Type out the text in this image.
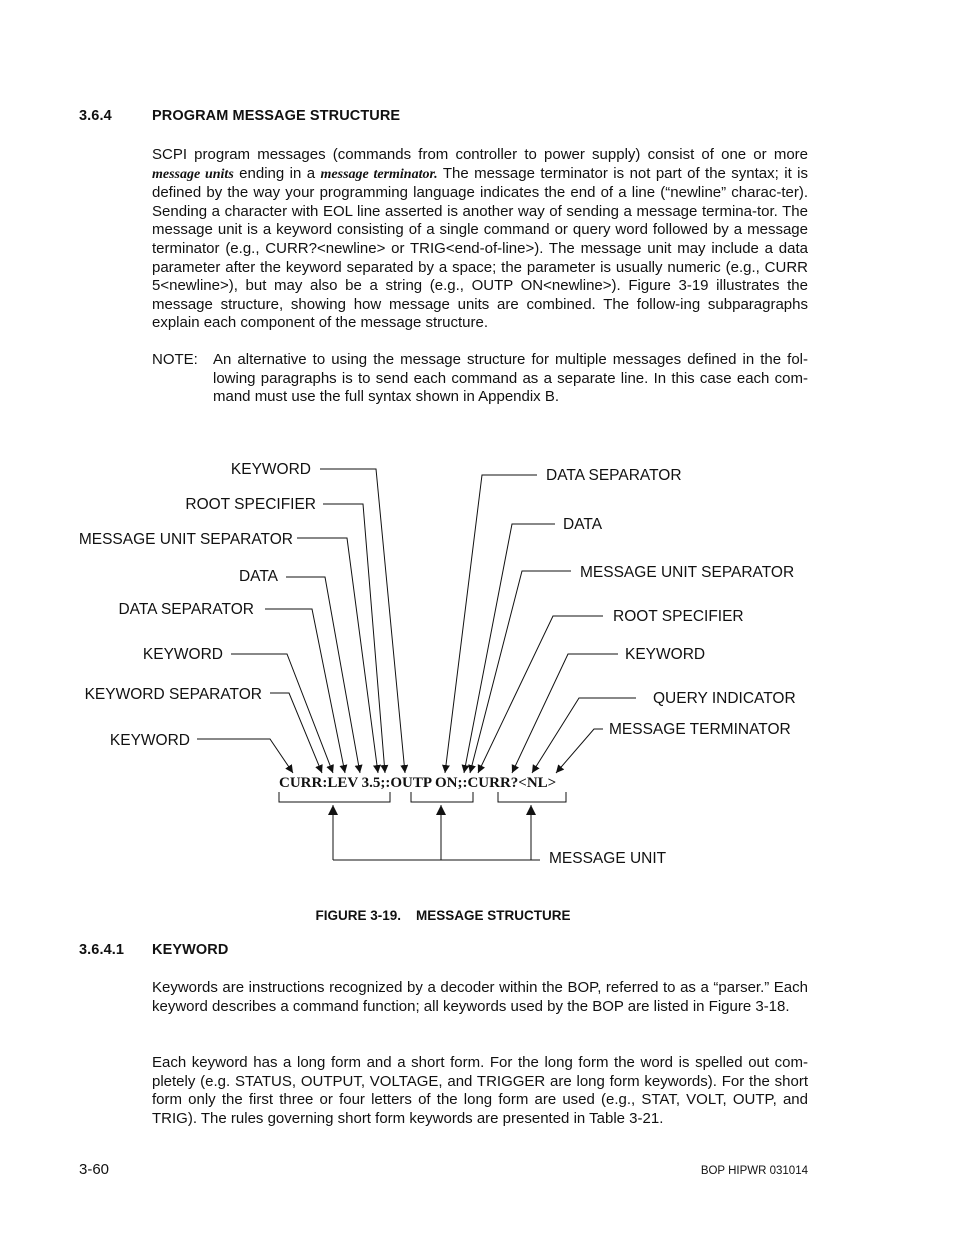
3.6.4	PROGRAM MESSAGE STRUCTURE
SCPI program messages (commands from controller to power supply) consist of one or more message units ending in a message terminator. The message terminator is not part of the syntax; it is defined by the way your programming language indicates the end of a line (“newline” charac-ter). Sending a character with EOL line asserted is another way of sending a message termina-tor. The message unit is a keyword consisting of a single command or query word followed by a message terminator (e.g., CURR?<newline> or TRIG<end-of-line>). The message unit may include a data parameter after the keyword separated by a space; the parameter is usually numeric (e.g., CURR 5<newline>), but may also be a string (e.g., OUTP ON<newline>). Figure 3-19 illustrates the message structure, showing how message units are combined. The follow-ing subparagraphs explain each component of the message structure.
NOTE: An alternative to using the message structure for multiple messages defined in the fol-lowing paragraphs is to send each command as a separate line. In this case each com-mand must use the full syntax shown in Appendix B.
KEYWORD
ROOT SPECIFIER
MESSAGE UNIT SEPARATOR
DATA
DATA SEPARATOR
KEYWORD
KEYWORD SEPARATOR
KEYWORD
DATA SEPARATOR
DATA
MESSAGE UNIT SEPARATOR
ROOT SPECIFIER
KEYWORD
QUERY INDICATOR
MESSAGE TERMINATOR
CURR:LEV 3.5;:OUTP ON;:CURR?<NL>
MESSAGE UNIT
FIGURE 3-19.    MESSAGE STRUCTURE
3.6.4.1 KEYWORD
Keywords are instructions recognized by a decoder within the BOP, referred to as a “parser.” Each keyword describes a command function; all keywords used by the BOP are listed in Figure 3-18.
Each keyword has a long form and a short form. For the long form the word is spelled out com-pletely (e.g. STATUS, OUTPUT, VOLTAGE, and TRIGGER are long form keywords). For the short form only the first three or four letters of the long form are used (e.g., STAT, VOLT, OUTP, and TRIG). The rules governing short form keywords are presented in Table 3-21.
3-60	BOP HIPWR 031014
